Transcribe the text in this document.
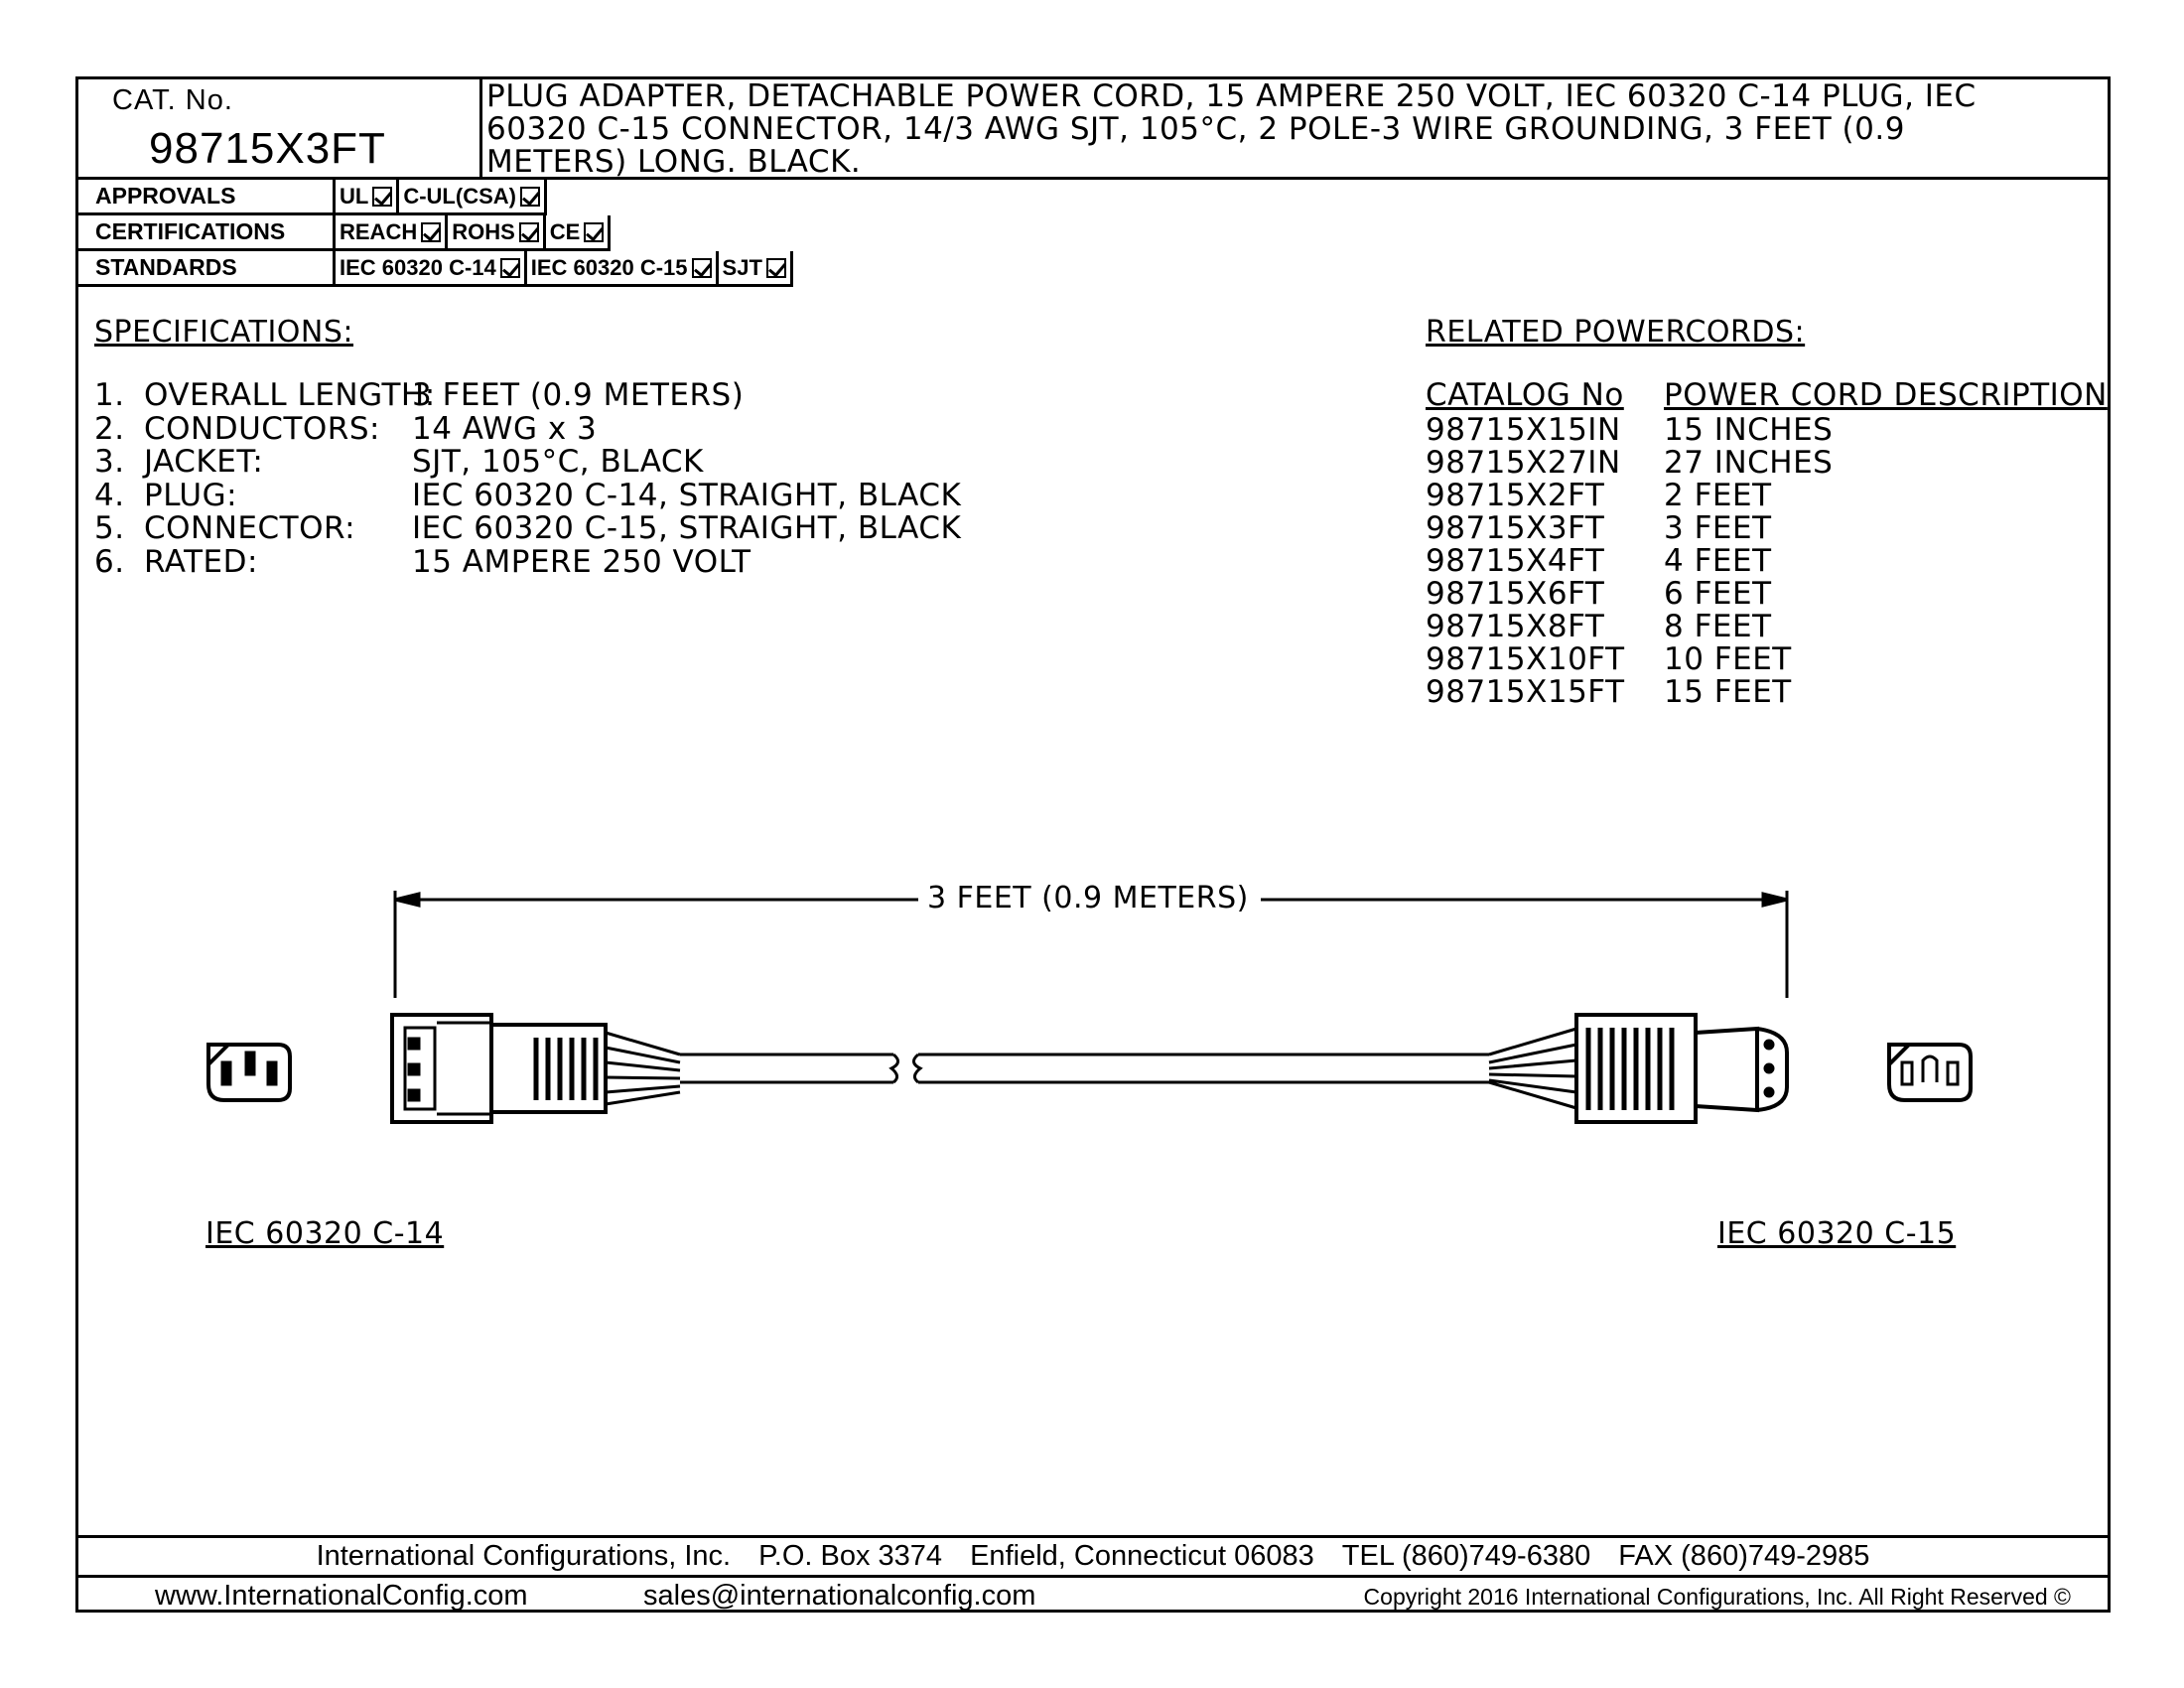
CAT. No.
98715X3FT
PLUG ADAPTER, DETACHABLE POWER CORD, 15 AMPERE 250 VOLT, IEC 60320 C-14 PLUG, IEC 60320 C-15 CONNECTOR, 14/3 AWG SJT, 105°C, 2 POLE-3 WIRE GROUNDING, 3 FEET (0.9 METERS) LONG. BLACK.
APPROVALS	UL C-UL(CSA)
CERTIFICATIONS	REACH ROHS CE
STANDARDS	IEC 60320 C-14 IEC 60320 C-15 SJT
SPECIFICATIONS:
1. OVERALL LENGTH:
3 FEET (0.9 METERS)
2. CONDUCTORS: 14 AWG x 3
3. JACKET:	SJT, 105°C, BLACK
4. PLUG:	IEC 60320 C-14, STRAIGHT, BLACK
5. CONNECTOR: IEC 60320 C-15, STRAIGHT, BLACK
6. RATED:	15 AMPERE 250 VOLT
RELATED POWERCORDS:
CATALOG No POWER CORD DESCRIPTION
98715X15IN 15 INCHES
98715X27IN 27 INCHES
98715X2FT 2 FEET
98715X3FT 3 FEET
98715X4FT 4 FEET
98715X6FT 6 FEET
98715X8FT 8 FEET
98715X10FT 10 FEET
98715X15FT 15 FEET
3 FEET (0.9 METERS)
IEC 60320 C-14	IEC 60320 C-15
International Configurations, Inc. P.O. Box 3374 Enfield, Connecticut 06083 TEL (860)749-6380 FAX (860)749-2985
www.InternationalConfig.com	sales@internationalconfig.com	Copyright 2016 International Configurations, Inc. All Right Reserved ©
